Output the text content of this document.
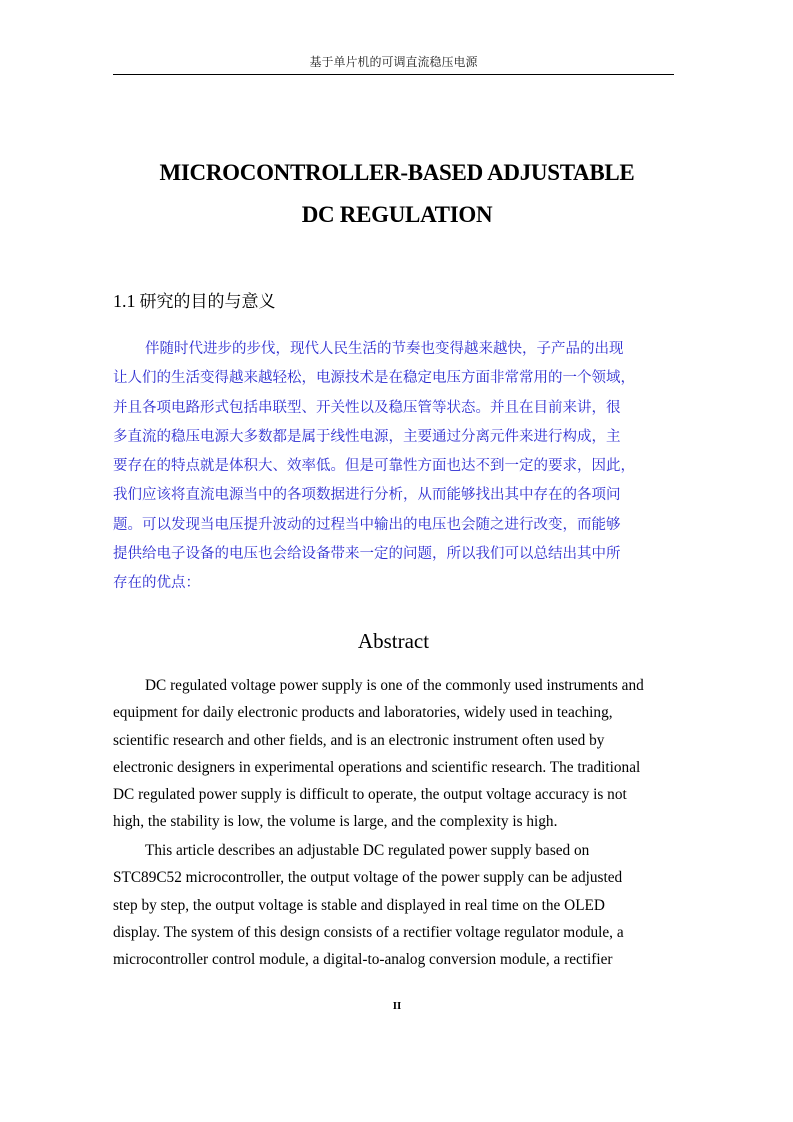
基于单片机的可调直流稳压电源
MICROCONTROLLER-BASED ADJUSTABLE
DC REGULATION
1.1 研究的目的与意义
伴随时代进步的步伐，现代人民生活的节奏也变得越来越快，子产品的出现
让人们的生活变得越来越轻松，电源技术是在稳定电压方面非常常用的一个领域，
并且各项电路形式包括串联型、开关性以及稳压管等状态。并且在目前来讲，很
多直流的稳压电源大多数都是属于线性电源，主要通过分离元件来进行构成，主
要存在的特点就是体积大、效率低。但是可靠性方面也达不到一定的要求，因此，
我们应该将直流电源当中的各项数据进行分析，从而能够找出其中存在的各项问
题。可以发现当电压提升波动的过程当中输出的电压也会随之进行改变，而能够
提供给电子设备的电压也会给设备带来一定的问题，所以我们可以总结出其中所
存在的优点：
Abstract
DC regulated voltage power supply is one of the commonly used instruments and
equipment for daily electronic products and laboratories, widely used in teaching,
scientific research and other fields, and is an electronic instrument often used by
electronic designers in experimental operations and scientific research. The traditional
DC regulated power supply is difficult to operate, the output voltage accuracy is not
high, the stability is low, the volume is large, and the complexity is high.
This article describes an adjustable DC regulated power supply based on
STC89C52 microcontroller, the output voltage of the power supply can be adjusted
step by step, the output voltage is stable and displayed in real time on the OLED
display. The system of this design consists of a rectifier voltage regulator module, a
microcontroller control module, a digital-to-analog conversion module, a rectifier
II
